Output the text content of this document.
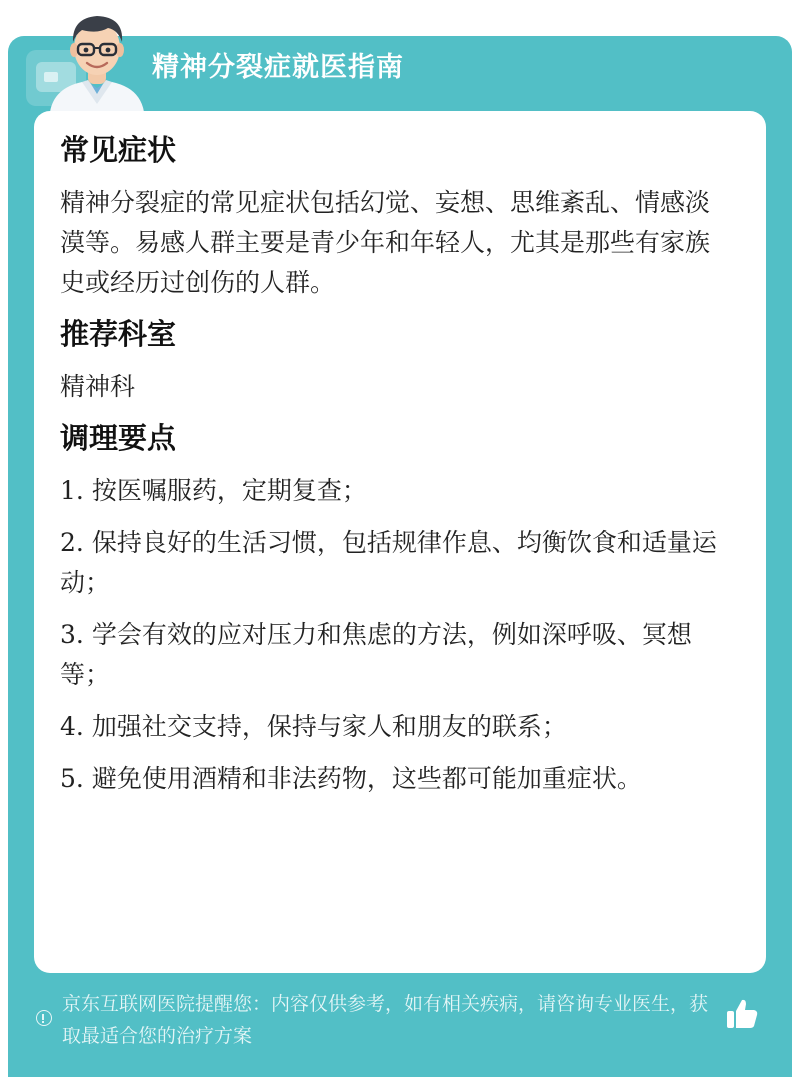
精神分裂症就医指南
常见症状
精神分裂症的常见症状包括幻觉、妄想、思维紊乱、情感淡漠等。易感人群主要是青少年和年轻人，尤其是那些有家族史或经历过创伤的人群。
推荐科室
精神科
调理要点
1. 按医嘱服药，定期复查；
2. 保持良好的生活习惯，包括规律作息、均衡饮食和适量运动；
3. 学会有效的应对压力和焦虑的方法，例如深呼吸、冥想等；
4. 加强社交支持，保持与家人和朋友的联系；
5. 避免使用酒精和非法药物，这些都可能加重症状。
京东互联网医院提醒您：内容仅供参考，如有相关疾病，请咨询专业医生，获取最适合您的治疗方案
